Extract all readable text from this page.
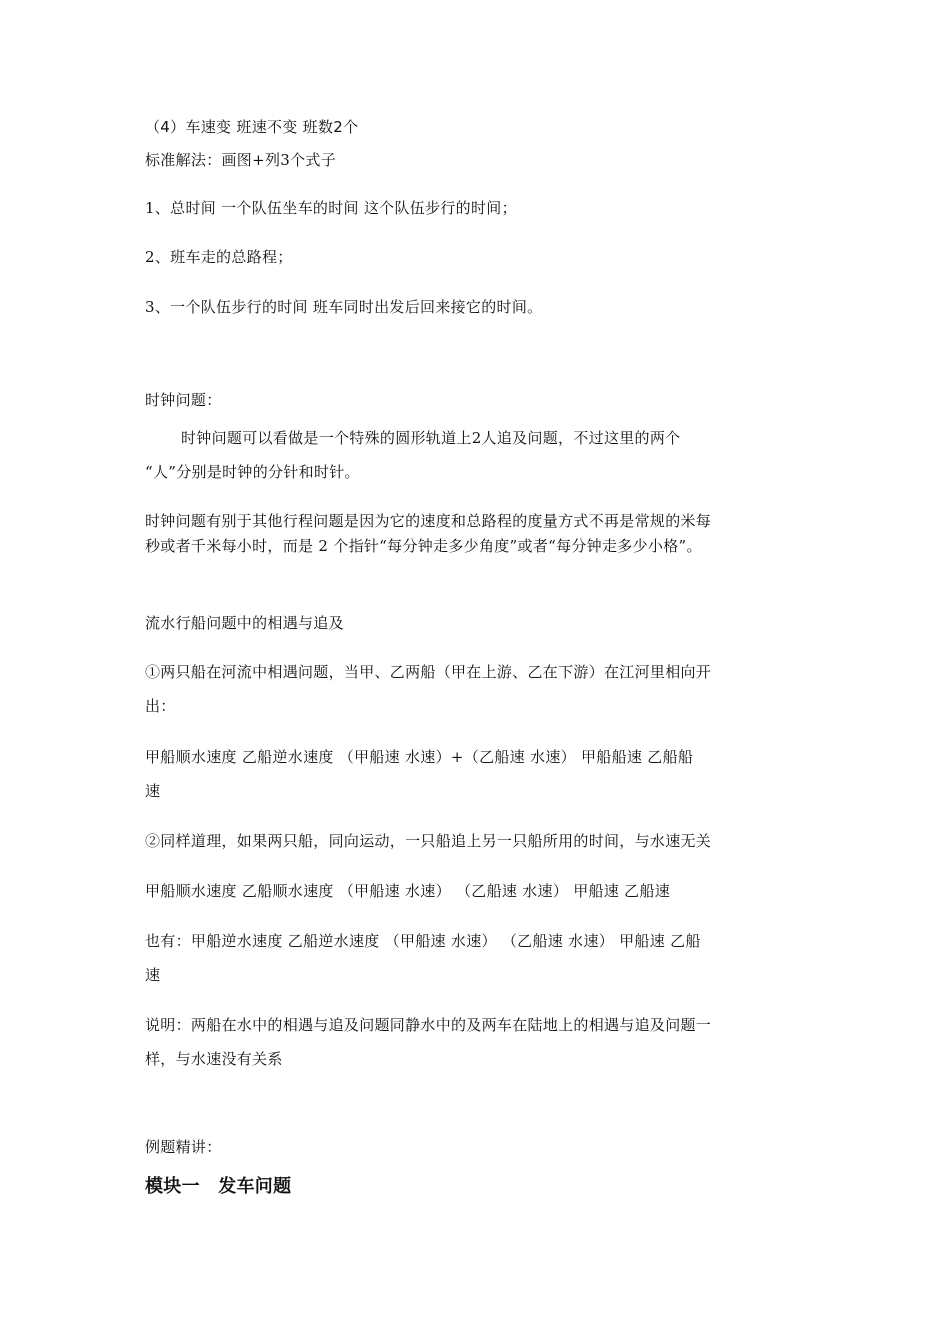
（4）车速变 班速不变 班数2个
标准解法：画图+列3个式子
1、总时间 一个队伍坐车的时间 这个队伍步行的时间；
2、班车走的总路程；
3、一个队伍步行的时间 班车同时出发后回来接它的时间。
时钟问题：
时钟问题可以看做是一个特殊的圆形轨道上2人追及问题，不过这里的两个
“人”分别是时钟的分针和时针。
时钟问题有别于其他行程问题是因为它的速度和总路程的度量方式不再是常规的米每
秒或者千米每小时，而是 2 个指针“每分钟走多少角度”或者“每分钟走多少小格”。
流水行船问题中的相遇与追及
①两只船在河流中相遇问题，当甲、乙两船（甲在上游、乙在下游）在江河里相向开
出：
甲船顺水速度 乙船逆水速度 （甲船速 水速）+（乙船速 水速） 甲船船速 乙船船
速
②同样道理，如果两只船，同向运动，一只船追上另一只船所用的时间，与水速无关
甲船顺水速度 乙船顺水速度 （甲船速 水速） （乙船速 水速） 甲船速 乙船速
也有：甲船逆水速度 乙船逆水速度 （甲船速 水速） （乙船速 水速） 甲船速 乙船
速
说明：两船在水中的相遇与追及问题同静水中的及两车在陆地上的相遇与追及问题一
样，与水速没有关系
例题精讲：
模块一　发车问题
